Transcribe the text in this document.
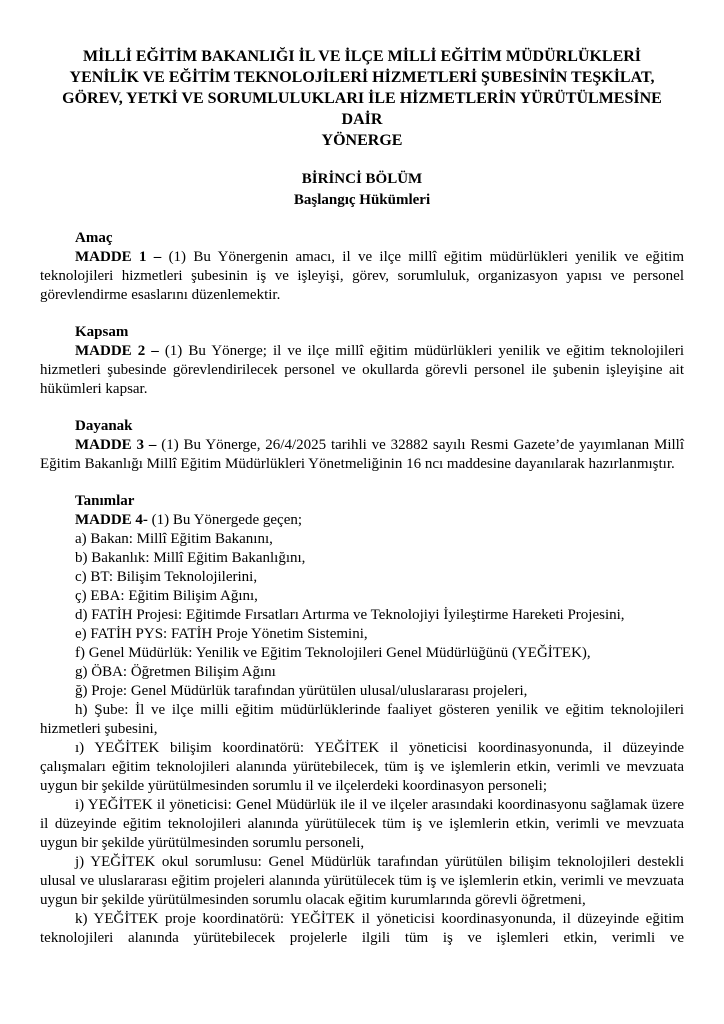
MİLLİ EĞİTİM BAKANLIĞI İL VE İLÇE MİLLİ EĞİTİM MÜDÜRLÜKLERİ
YENİLİK VE EĞİTİM TEKNOLOJİLERİ HİZMETLERİ ŞUBESİNİN TEŞKİLAT,
GÖREV, YETKİ VE SORUMLULUKLARI İLE HİZMETLERİN YÜRÜTÜLMESİNE DAİR
YÖNERGE
BİRİNCİ BÖLÜM
Başlangıç Hükümleri
Amaç

MADDE 1 – (1) Bu Yönergenin amacı, il ve ilçe millî eğitim müdürlükleri yenilik ve eğitim teknolojileri hizmetleri şubesinin iş ve işleyişi, görev, sorumluluk, organizasyon yapısı ve personel görevlendirme esaslarını düzenlemektir.

Kapsam

MADDE 2 – (1) Bu Yönerge; il ve ilçe millî eğitim müdürlükleri yenilik ve eğitim teknolojileri hizmetleri şubesinde görevlendirilecek personel ve okullarda görevli personel ile şubenin işleyişine ait hükümleri kapsar.

Dayanak

MADDE 3 – (1) Bu Yönerge, 26/4/2025 tarihli ve 32882 sayılı Resmi Gazete’de yayımlanan Millî Eğitim Bakanlığı Millî Eğitim Müdürlükleri Yönetmeliğinin 16 ncı maddesine dayanılarak hazırlanmıştır.

Tanımlar

MADDE 4- (1) Bu Yönergede geçen;

a) Bakan: Millî Eğitim Bakanını,

b) Bakanlık: Millî Eğitim Bakanlığını,

c) BT: Bilişim Teknolojilerini,

ç) EBA: Eğitim Bilişim Ağını,

d) FATİH Projesi: Eğitimde Fırsatları Artırma ve Teknolojiyi İyileştirme Hareketi Projesini,

e) FATİH PYS: FATİH Proje Yönetim Sistemini,

f) Genel Müdürlük: Yenilik ve Eğitim Teknolojileri Genel Müdürlüğünü (YEĞİTEK),

g) ÖBA: Öğretmen Bilişim Ağını

ğ) Proje: Genel Müdürlük tarafından yürütülen ulusal/uluslararası projeleri,

h) Şube: İl ve ilçe milli eğitim müdürlüklerinde faaliyet gösteren yenilik ve eğitim teknolojileri hizmetleri şubesini,

ı) YEĞİTEK bilişim koordinatörü: YEĞİTEK il yöneticisi koordinasyonunda, il düzeyinde çalışmaları eğitim teknolojileri alanında yürütebilecek, tüm iş ve işlemlerin etkin, verimli ve mevzuata uygun bir şekilde yürütülmesinden sorumlu il ve ilçelerdeki koordinasyon personeli;

i) YEĞİTEK il yöneticisi: Genel Müdürlük ile il ve ilçeler arasındaki koordinasyonu sağlamak üzere il düzeyinde eğitim teknolojileri alanında yürütülecek tüm iş ve işlemlerin etkin, verimli ve mevzuata uygun bir şekilde yürütülmesinden sorumlu personeli,

j) YEĞİTEK okul sorumlusu: Genel Müdürlük tarafından yürütülen bilişim teknolojileri destekli ulusal ve uluslararası eğitim projeleri alanında yürütülecek tüm iş ve işlemlerin etkin, verimli ve mevzuata uygun bir şekilde yürütülmesinden sorumlu olacak eğitim kurumlarında görevli öğretmeni,

k) YEĞİTEK proje koordinatörü: YEĞİTEK il yöneticisi koordinasyonunda, il düzeyinde eğitim teknolojileri alanında yürütebilecek projelerle ilgili tüm iş ve işlemleri etkin, verimli ve
